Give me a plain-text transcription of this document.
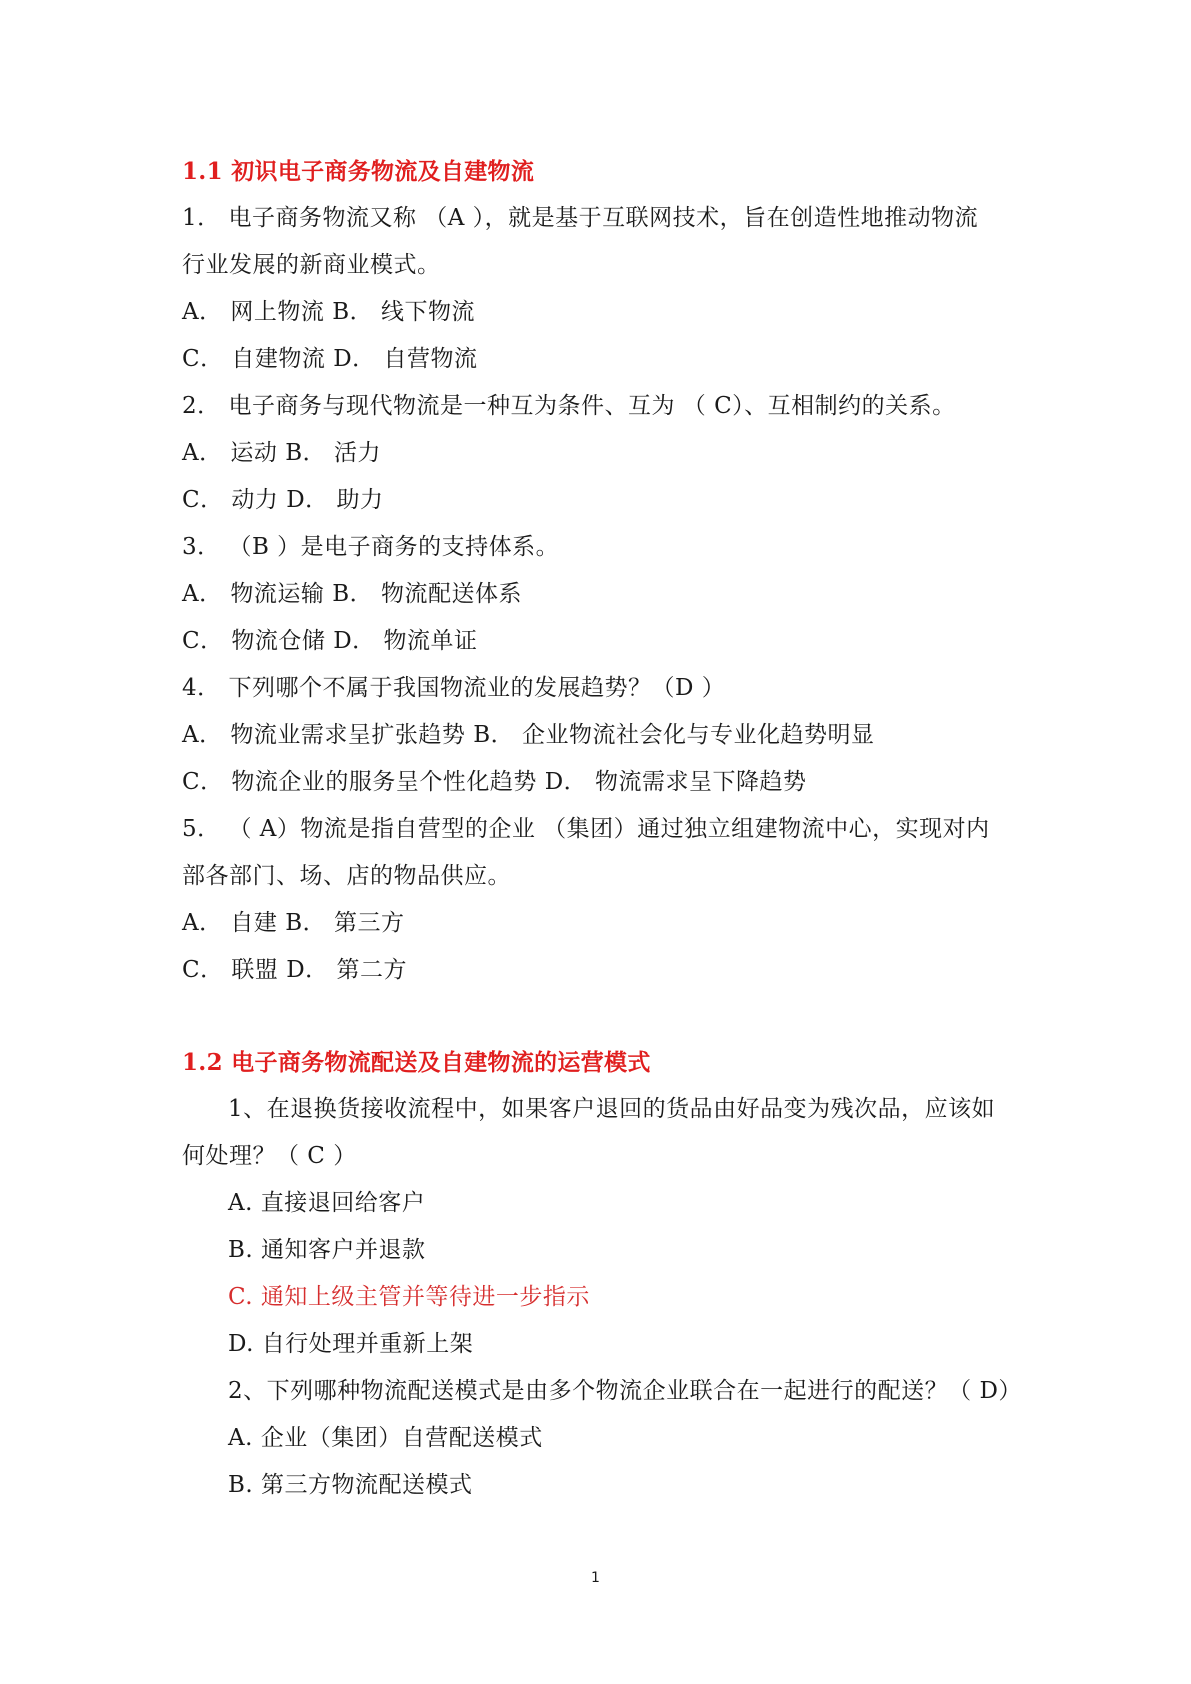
1.1 初识电子商务物流及自建物流
1． 电子商务物流又称 （A ），就是基于互联网技术，旨在创造性地推动物流
行业发展的新商业模式。
A． 网上物流 B． 线下物流
C． 自建物流 D． 自营物流
2． 电子商务与现代物流是一种互为条件、互为 （ C）、互相制约的关系。
A． 运动 B． 活力
C． 动力 D． 助力
3． （B ）是电子商务的支持体系。
A． 物流运输 B． 物流配送体系
C． 物流仓储 D． 物流单证
4． 下列哪个不属于我国物流业的发展趋势？（D ）
A． 物流业需求呈扩张趋势 B． 企业物流社会化与专业化趋势明显
C． 物流企业的服务呈个性化趋势 D． 物流需求呈下降趋势
5． （ A）物流是指自营型的企业 （集团）通过独立组建物流中心，实现对内
部各部门、场、店的物品供应。
A． 自建 B． 第三方
C． 联盟 D． 第二方
1.2 电子商务物流配送及自建物流的运营模式
1、在退换货接收流程中，如果客户退回的货品由好品变为残次品，应该如
何处理？（ C ）
A. 直接退回给客户
B. 通知客户并退款
C. 通知上级主管并等待进一步指示
D. 自行处理并重新上架
2、下列哪种物流配送模式是由多个物流企业联合在一起进行的配送？（ D）
A. 企业（集团）自营配送模式
B. 第三方物流配送模式
1
